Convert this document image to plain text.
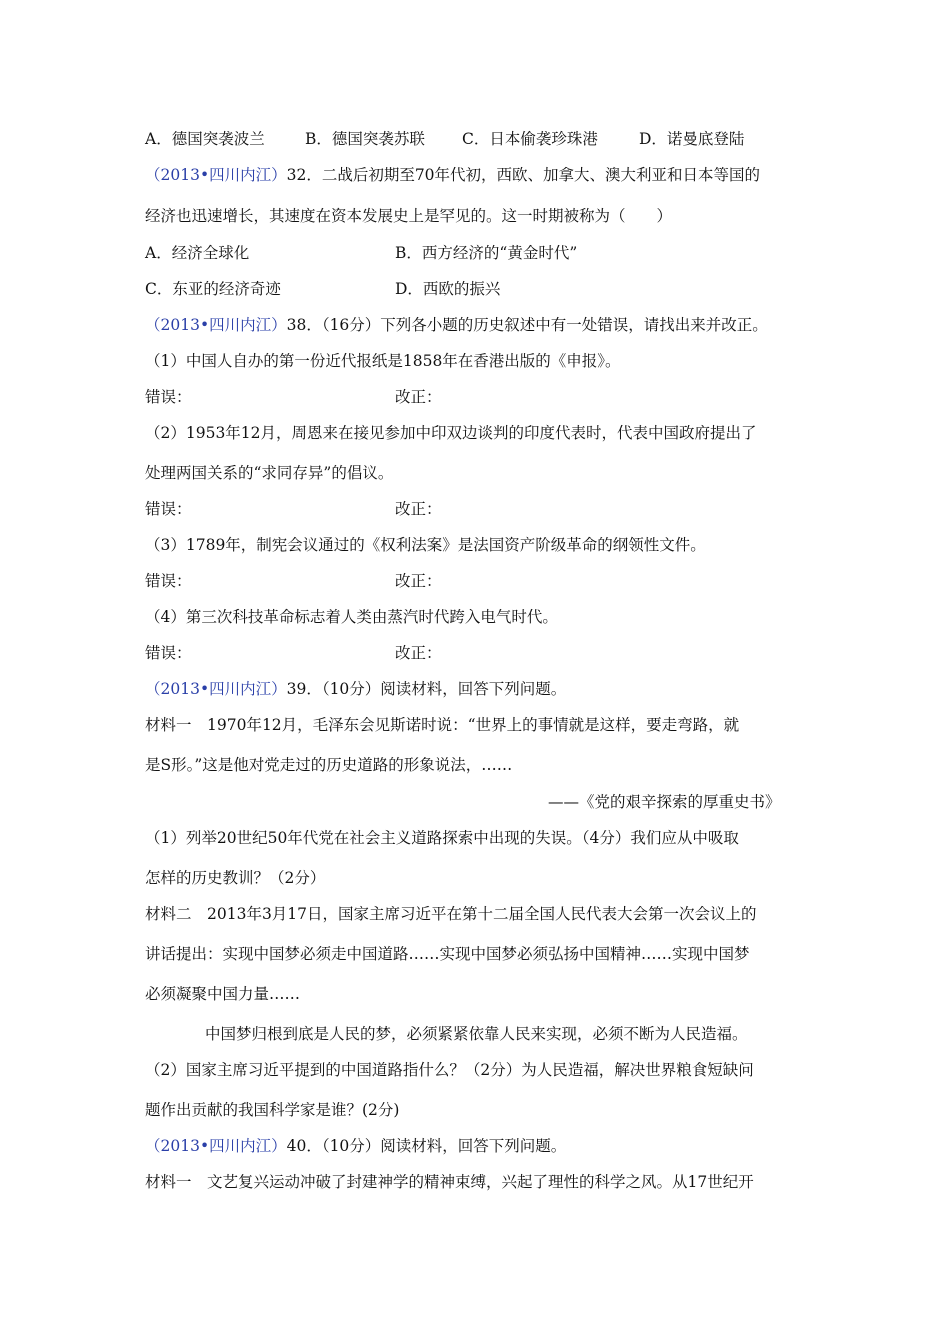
A．德国突袭波兰	B．德国突袭苏联 C．日本偷袭珍珠港	D．诺曼底登陆
（2013•四川内江）32．二战后初期至70年代初，西欧、加拿大、澳大利亚和日本等国的
经济也迅速增长，其速度在资本发展史上是罕见的。这一时期被称为（　　）
A．经济全球化	B．西方经济的“黄金时代”
C．东亚的经济奇迹	D．西欧的振兴
（2013•四川内江）38．（16分）下列各小题的历史叙述中有一处错误，请找出来并改正。
（1）中国人自办的第一份近代报纸是1858年在香港出版的《申报》。
错误：	改正：
（2）1953年12月，周恩来在接见参加中印双边谈判的印度代表时，代表中国政府提出了
处理两国关系的“求同存异”的倡议。
错误：	改正：
（3）1789年，制宪会议通过的《权利法案》是法国资产阶级革命的纲领性文件。
错误：	改正：
（4）第三次科技革命标志着人类由蒸汽时代跨入电气时代。
错误：	改正：
（2013•四川内江）39．（10分）阅读材料，回答下列问题。
材料一　1970年12月，毛泽东会见斯诺时说：“世界上的事情就是这样，要走弯路，就
是S形。”这是他对党走过的历史道路的形象说法，……
——《党的艰辛探索的厚重史书》
（1）列举20世纪50年代党在社会主义道路探索中出现的失误。（4分）我们应从中吸取
怎样的历史教训？（2分）
材料二　2013年3月17日，国家主席习近平在第十二届全国人民代表大会第一次会议上的
讲话提出：实现中国梦必须走中国道路……实现中国梦必须弘扬中国精神……实现中国梦
必须凝聚中国力量……
中国梦归根到底是人民的梦，必须紧紧依靠人民来实现，必须不断为人民造福。
（2）国家主席习近平提到的中国道路指什么？（2分）为人民造福，解决世界粮食短缺问
题作出贡献的我国科学家是谁？(2分)
（2013•四川内江）40．（10分）阅读材料，回答下列问题。
材料一　文艺复兴运动冲破了封建神学的精神束缚，兴起了理性的科学之风。从17世纪开
